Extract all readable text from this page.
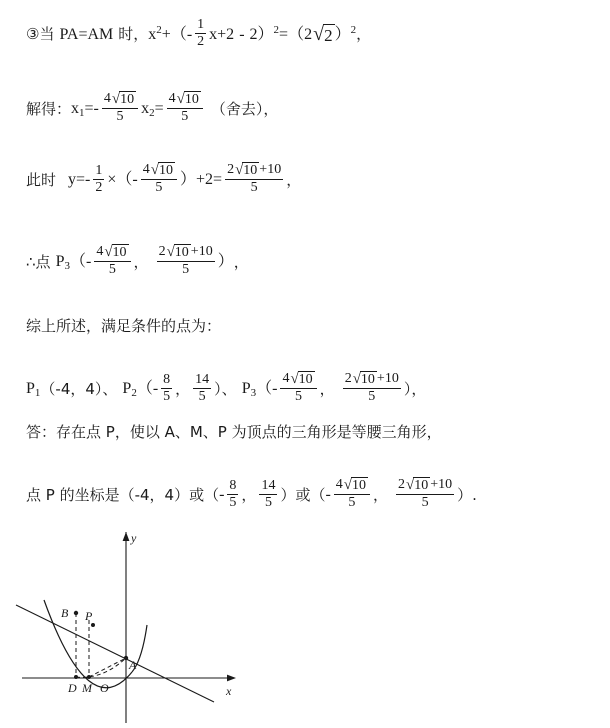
③ 当 PA=AM 时， x 2 + （ - $\frac{1}{2} x+2 - 2$ ） 2 = （ 2 √ 2 ） 2 ，
解得： x 1 = - $\frac{4 √ 10}{5}$ x $2 = \frac{4 √ 10}{5}$ （舍去），
此时 y = - $\frac{1}{2}$ × （ - $\frac{4 √ 10}{5}$ ） $+2 = \frac{2 √ 10 +10}{5}$ ，
∴ 点 P 3 （ - $\frac{4 √ 10}{5}$ ， $\frac{2 √ 10 +10}{5}$ ） ，
综上所述，满足条件的点为：
P 1 （-4，4）、 P 2 （ - $\frac{8}{5}$ ， $\frac{14}{5}$ ）、 P 3 （ - $\frac{4 √ 10}{5}$ ， $\frac{2 √ 10 +10}{5}$ ），
答：存在点 P，使以 A、M、P 为顶点的三角形是等腰三角形，
点 P 的坐标是（-4，4）或（ - $\frac{8}{5}$ ， $\frac{14}{5}$ ）或（ - $\frac{4 √ 10}{5}$ ， $\frac{2 √ 10 +10}{5}$ ）.
B P
A
D M O
y
x
